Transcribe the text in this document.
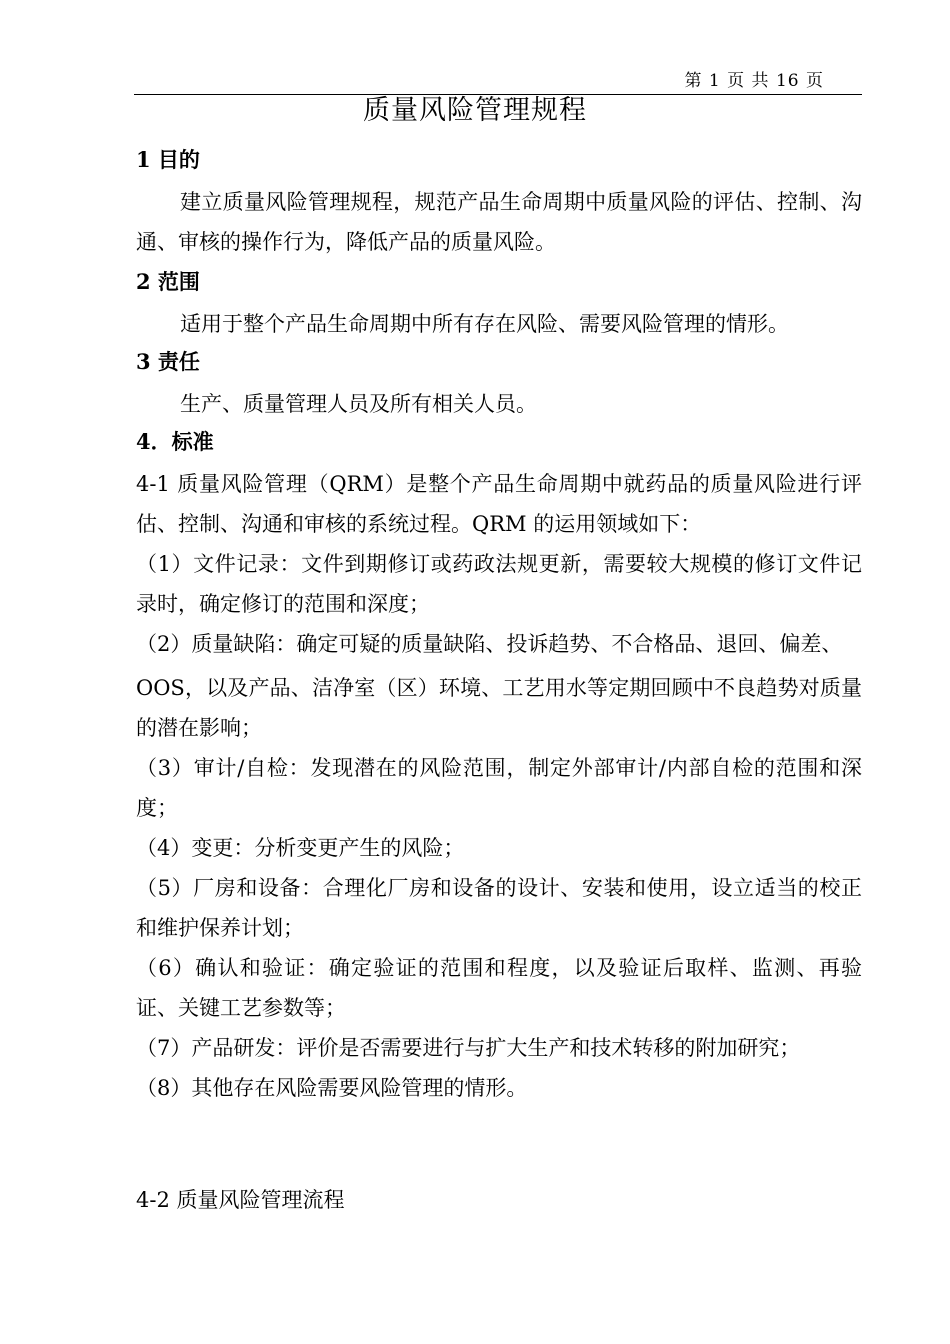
第 1 页 共 16 页
质量风险管理规程
1 目的

建立质量风险管理规程，规范产品生命周期中质量风险的评估、控制、沟通、审核的操作行为，降低产品的质量风险。

2 范围

适用于整个产品生命周期中所有存在风险、需要风险管理的情形。

3 责任

生产、质量管理人员及所有相关人员。

4．标准

4-1 质量风险管理（QRM）是整个产品生命周期中就药品的质量风险进行评估、控制、沟通和审核的系统过程。QRM 的运用领域如下：

（1）文件记录：文件到期修订或药政法规更新，需要较大规模的修订文件记录时，确定修订的范围和深度；

（2）质量缺陷：确定可疑的质量缺陷、投诉趋势、不合格品、退回、偏差、

OOS，以及产品、洁净室（区）环境、工艺用水等定期回顾中不良趋势对质量的潜在影响；

（3）审计/自检：发现潜在的风险范围，制定外部审计/内部自检的范围和深度；

（4）变更：分析变更产生的风险；

（5）厂房和设备：合理化厂房和设备的设计、安装和使用，设立适当的校正和维护保养计划；

（6）确认和验证：确定验证的范围和程度，以及验证后取样、监测、再验证、关键工艺参数等；

（7）产品研发：评价是否需要进行与扩大生产和技术转移的附加研究；

（8）其他存在风险需要风险管理的情形。

4-2 质量风险管理流程
